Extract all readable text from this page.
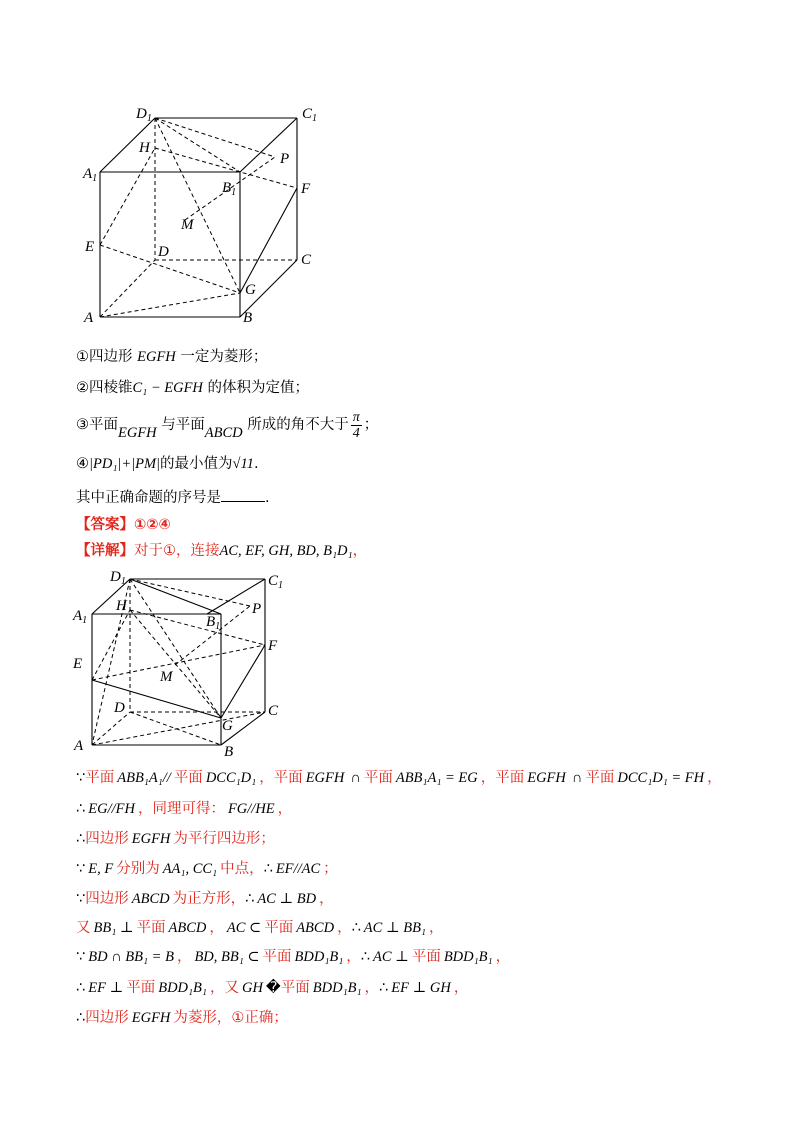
$D_1$	$C_1$
$A_1$
$B_1$
H
P
F
M
E	D	C
G
A	B
①四边形 EGFH 一定为菱形；
②四棱锥C₁ − EGFH 的体积为定值；
③平面EGFH 与平面ABCD 所成的角不大于 $\frac{\pi}{4}$ ；
④|PD₁|+|PM|的最小值为√11.
其中正确命题的序号是	.
【答案】①②④
【详解】对于①，连接AC, EF, GH, BD, B₁D₁，
$D_1$	$C_1$
$A_1$
H	P
$B_1$
F
E
M
D	C
G
A	B
∵平面 ABB₁A₁// 平面 DCC₁D₁ ，平面 EGFH ∩ 平面 ABB₁A₁ = EG ，平面 EGFH ∩ 平面 DCC₁D₁ = FH ，
∴ EG//FH ，同理可得： FG//HE ，
∴四边形 EGFH 为平行四边形；
∵ E, F 分别为 AA₁, CC₁ 中点，∴ EF//AC ；
∵四边形 ABCD 为正方形，∴ AC ⊥ BD ，
又 BB₁ ⊥ 平面 ABCD ， AC ⊂ 平面 ABCD ，∴ AC ⊥ BB₁ ，
∵ BD ∩ BB₁ = B ， BD, BB₁ ⊂ 平面 BDD₁B₁ ，∴ AC ⊥ 平面 BDD₁B₁ ，
∴ EF ⊥ 平面 BDD₁B₁ ，又 GH �平面 BDD₁B₁ ，∴ EF ⊥ GH ，
∴四边形 EGFH 为菱形，①正确；
